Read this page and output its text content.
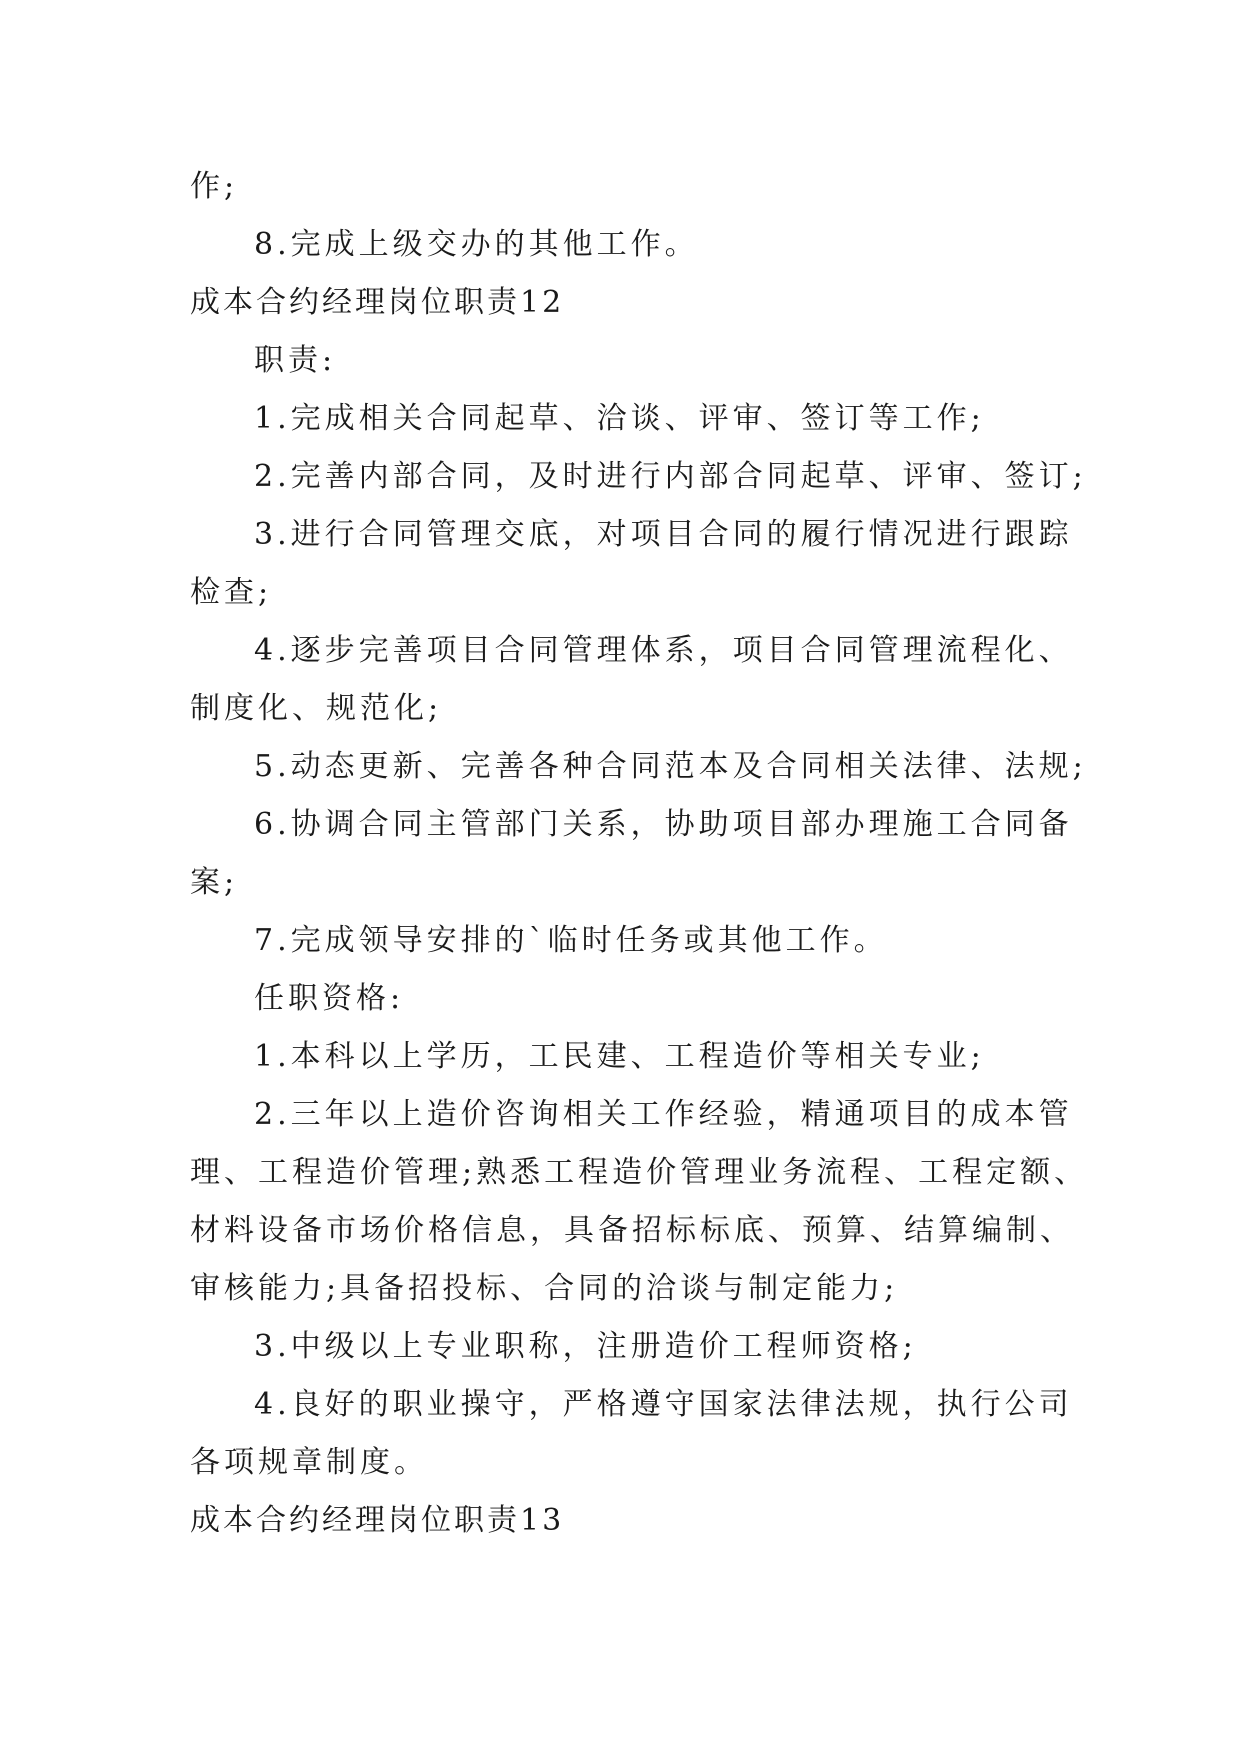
作;
8.完成上级交办的其他工作。
成本合约经理岗位职责12
职责:
1.完成相关合同起草、洽谈、评审、签订等工作;
2.完善内部合同，及时进行内部合同起草、评审、签订;
3.进行合同管理交底，对项目合同的履行情况进行跟踪
检查;
4.逐步完善项目合同管理体系，项目合同管理流程化、
制度化、规范化;
5.动态更新、完善各种合同范本及合同相关法律、法规;
6.协调合同主管部门关系，协助项目部办理施工合同备
案;
7.完成领导安排的`临时任务或其他工作。
任职资格:
1.本科以上学历，工民建、工程造价等相关专业;
2.三年以上造价咨询相关工作经验，精通项目的成本管
理、工程造价管理;熟悉工程造价管理业务流程、工程定额、
材料设备市场价格信息，具备招标标底、预算、结算编制、
审核能力;具备招投标、合同的洽谈与制定能力;
3.中级以上专业职称，注册造价工程师资格;
4.良好的职业操守，严格遵守国家法律法规，执行公司
各项规章制度。
成本合约经理岗位职责13
